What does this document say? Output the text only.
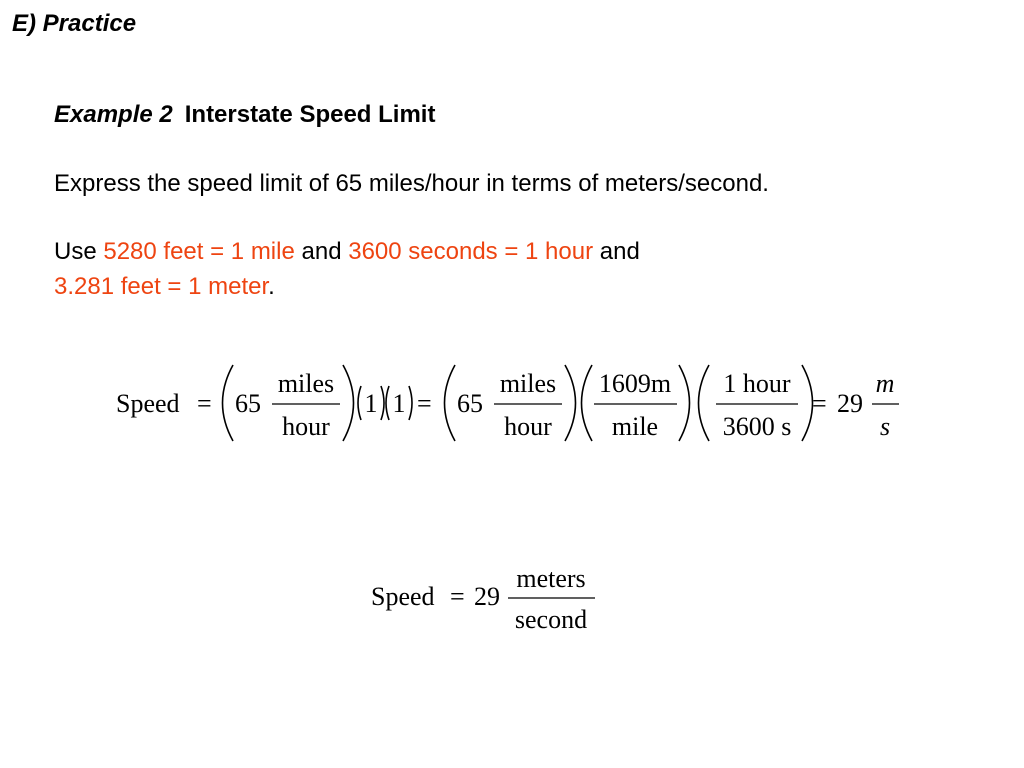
E) Practice
Example 2 Interstate Speed Limit
Express the speed limit of 65 miles/hour in terms of meters/second.
Use 5280 feet = 1 mile and 3600 seconds = 1 hour and
3.281 feet = 1 meter.
Speed = 65
miles
hour
1 1 = 65
miles
hour
1609m
mile
1 hour
3600 s
= 29
m
s
Speed = 29
meters
second
